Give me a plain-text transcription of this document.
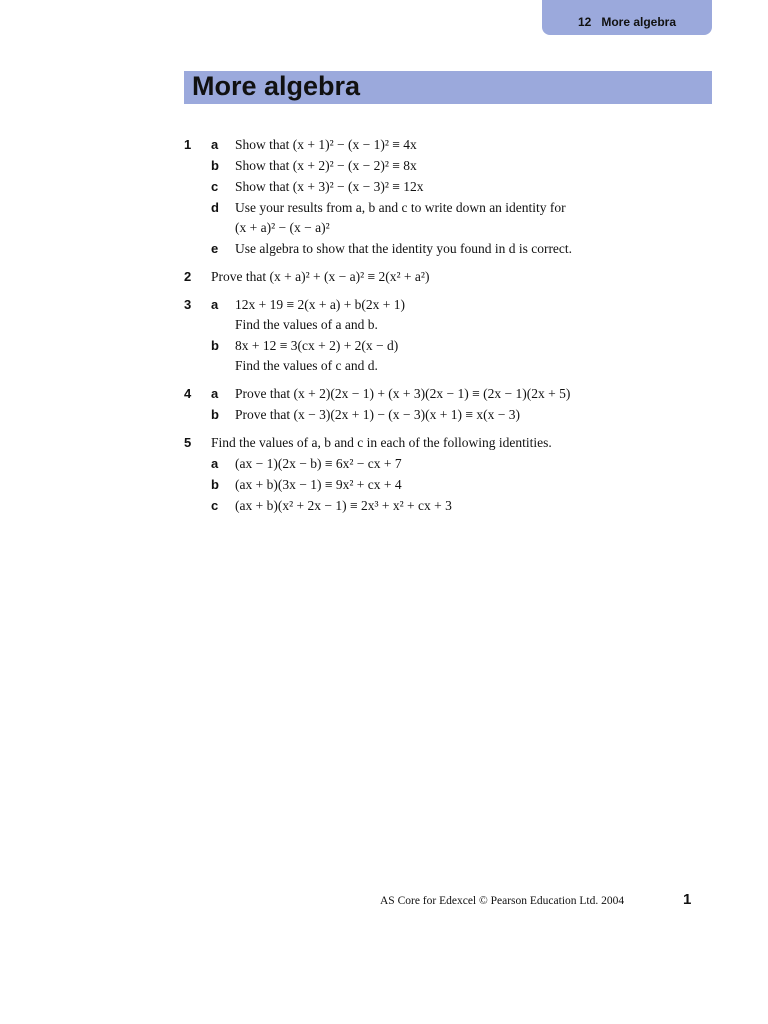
12 More algebra
More algebra
1 a Show that (x + 1)² − (x − 1)² ≡ 4x
b Show that (x + 2)² − (x − 2)² ≡ 8x
c Show that (x + 3)² − (x − 3)² ≡ 12x
d Use your results from a, b and c to write down an identity for
(x + a)² − (x − a)²
e Use algebra to show that the identity you found in d is correct.
2 Prove that (x + a)² + (x − a)² ≡ 2(x² + a²)
3 a 12x + 19 ≡ 2(x + a) + b(2x + 1)
Find the values of a and b.
b 8x + 12 ≡ 3(cx + 2) + 2(x − d)
Find the values of c and d.
4 a Prove that (x + 2)(2x − 1) + (x + 3)(2x − 1) ≡ (2x − 1)(2x + 5)
b Prove that (x − 3)(2x + 1) − (x − 3)(x + 1) ≡ x(x − 3)
5 Find the values of a, b and c in each of the following identities.
a (ax − 1)(2x − b) ≡ 6x² − cx + 7
b (ax + b)(3x − 1) ≡ 9x² + cx + 4
c (ax + b)(x² + 2x − 1) ≡ 2x³ + x² + cx + 3
AS Core for Edexcel © Pearson Education Ltd. 2004	1
